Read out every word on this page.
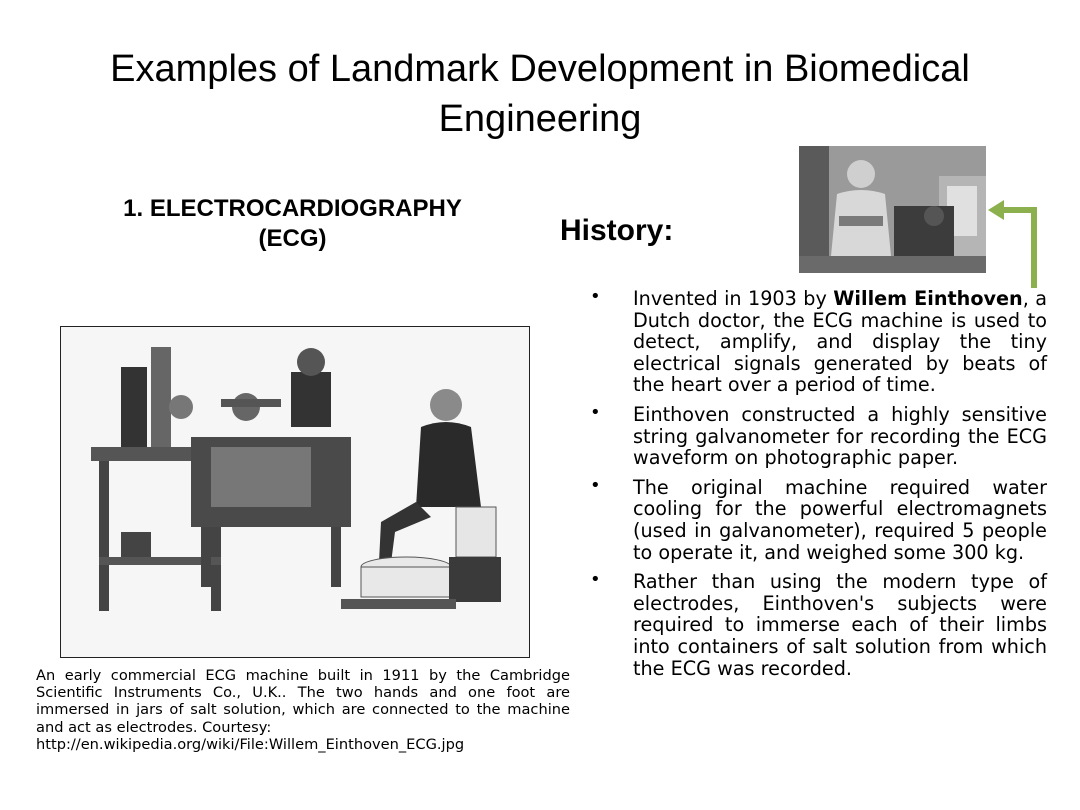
Examples of Landmark Development in Biomedical Engineering
1. ELECTROCARDIOGRAPHY (ECG)	History:
An early commercial ECG machine built in 1911 by the Cambridge Scientific Instruments Co., U.K.. The two hands and one foot are immersed in jars of salt solution, which are connected to the machine and act as electrodes. Courtesy:
http://en.wikipedia.org/wiki/File:Willem_Einthoven_ECG.jpg
• Invented in 1903 by Willem Einthoven, a Dutch doctor, the ECG machine is used to detect, amplify, and display the tiny electrical signals generated by beats of the heart over a period of time.
• Einthoven constructed a highly sensitive string galvanometer for recording the ECG waveform on photographic paper.
• The original machine required water cooling for the powerful electromagnets (used in galvanometer), required 5 people to operate it, and weighed some 300 kg.
• Rather than using the modern type of electrodes, Einthoven's subjects were required to immerse each of their limbs into containers of salt solution from which the ECG was recorded.
